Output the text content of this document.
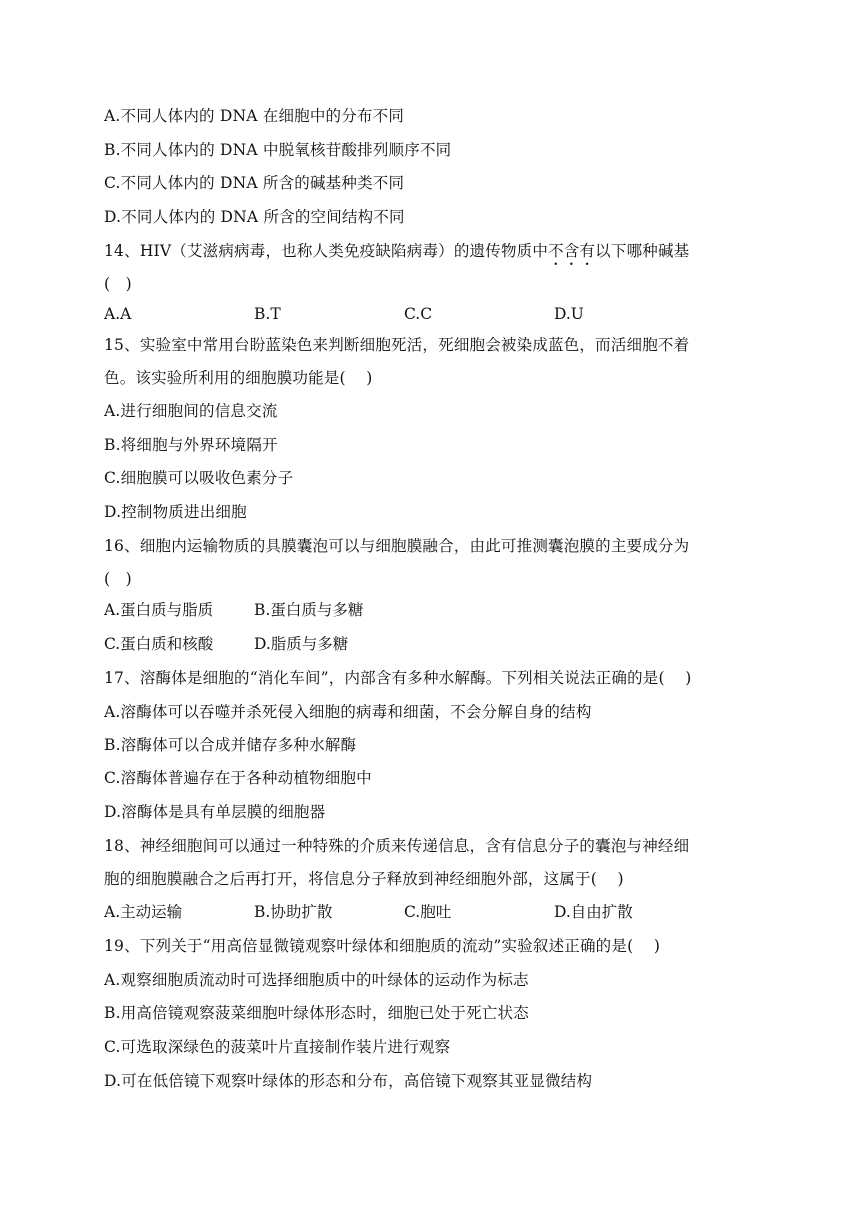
A.不同人体内的 DNA 在细胞中的分布不同
B.不同人体内的 DNA 中脱氧核苷酸排列顺序不同
C.不同人体内的 DNA 所含的碱基种类不同
D.不同人体内的 DNA 所含的空间结构不同
14、HIV（艾滋病病毒，也称人类免疫缺陷病毒）的遗传物质中不含有以下哪种碱基
(   )

A.A

	B.T

	C.C

	D.U

15、实验室中常用台盼蓝染色来判断细胞死活，死细胞会被染成蓝色，而活细胞不着
色。该实验所利用的细胞膜功能是(    )
A.进行细胞间的信息交流
B.将细胞与外界环境隔开
C.细胞膜可以吸收色素分子
D.控制物质进出细胞
16、细胞内运输物质的具膜囊泡可以与细胞膜融合，由此可推测囊泡膜的主要成分为
(   )

A.蛋白质与脂质

	B.蛋白质与多糖

C.蛋白质和核酸

	D.脂质与多糖

17、溶酶体是细胞的“消化车间”，内部含有多种水解酶。下列相关说法正确的是(    )
A.溶酶体可以吞噬并杀死侵入细胞的病毒和细菌，不会分解自身的结构
B.溶酶体可以合成并储存多种水解酶
C.溶酶体普遍存在于各种动植物细胞中
D.溶酶体是具有单层膜的细胞器
18、神经细胞间可以通过一种特殊的介质来传递信息，含有信息分子的囊泡与神经细
胞的细胞膜融合之后再打开，将信息分子释放到神经细胞外部，这属于(    )

A.主动运输

	B.协助扩散

	C.胞吐

	D.自由扩散

19、下列关于“用高倍显微镜观察叶绿体和细胞质的流动”实验叙述正确的是(    )
A.观察细胞质流动时可选择细胞质中的叶绿体的运动作为标志
B.用高倍镜观察菠菜细胞叶绿体形态时，细胞已处于死亡状态
C.可选取深绿色的菠菜叶片直接制作装片进行观察
D.可在低倍镜下观察叶绿体的形态和分布，高倍镜下观察其亚显微结构
